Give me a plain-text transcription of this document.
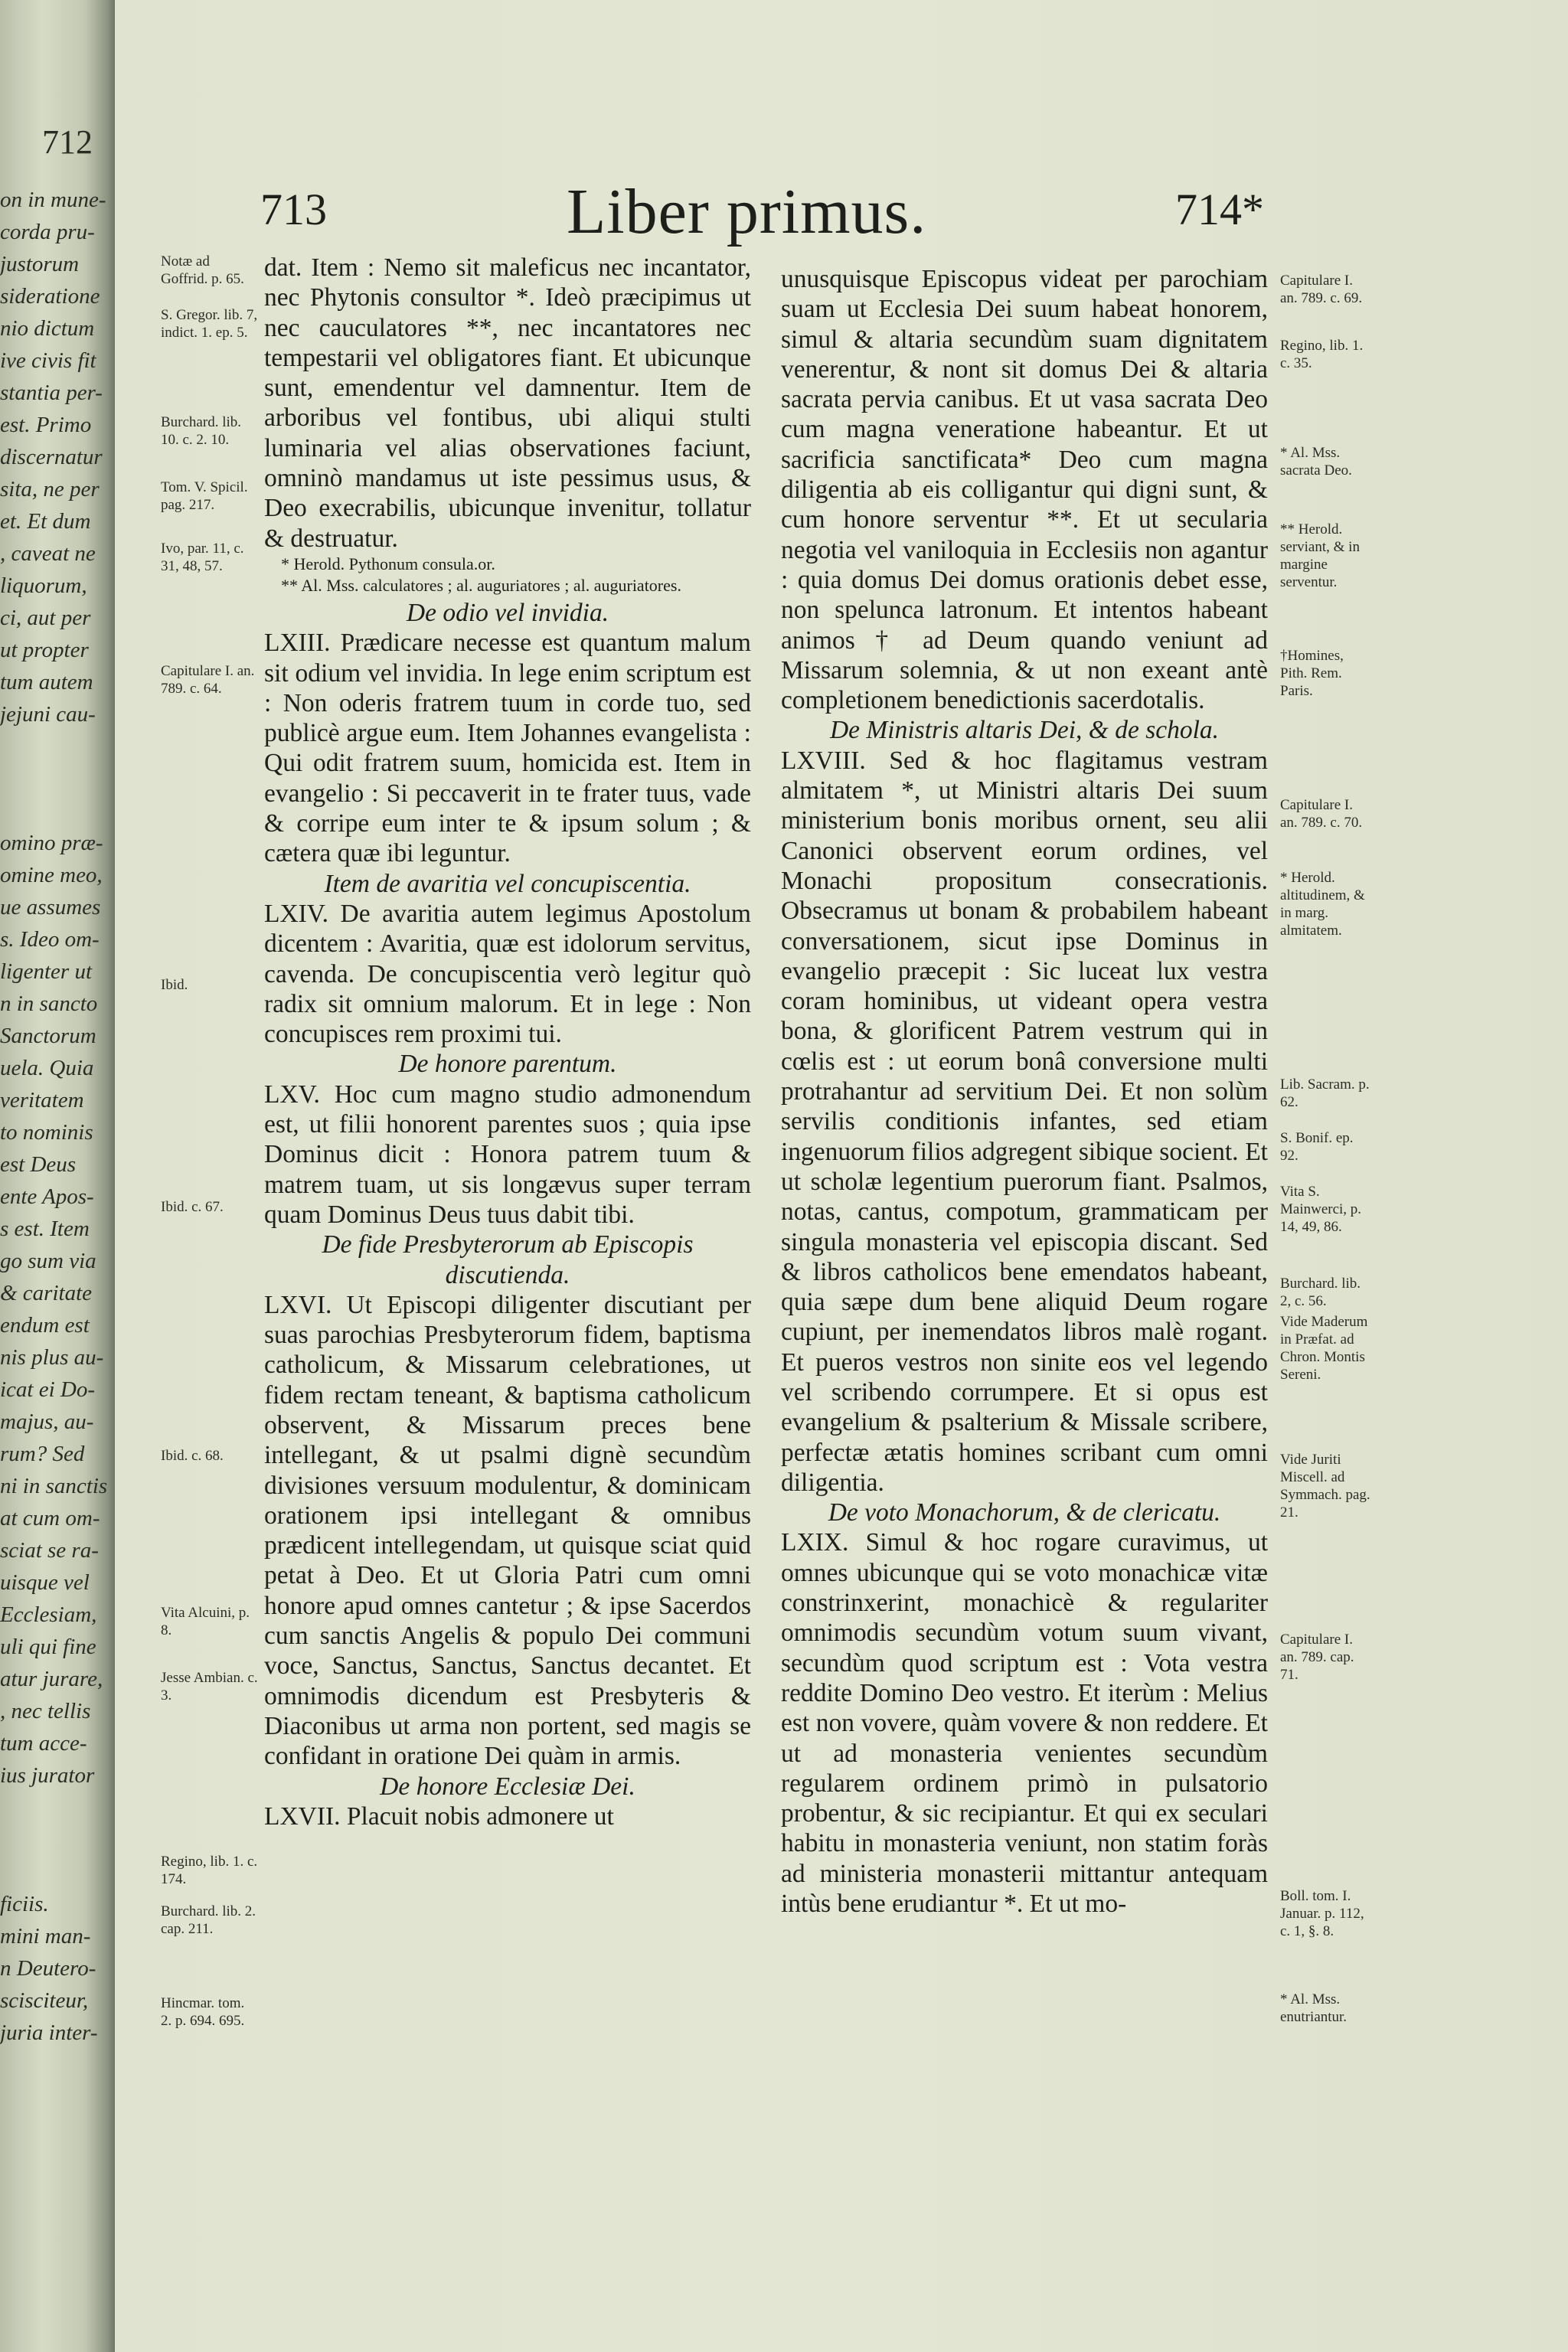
712
on in mune-
corda pru-
justorum
sideratione
nio dictum
ive civis fit
stantia per-
est. Primo
discernatur
sita, ne per
et. Et dum
, caveat ne
liquorum,
ci, aut per
ut propter
tum autem
jejuni cau-
omino præ-
omine meo,
ue assumes
s. Ideo om-
ligenter ut
n in sancto
Sanctorum
uela. Quia
veritatem
to nominis
est Deus
ente Apos-
s est. Item
go sum via
& caritate
endum est
nis plus au-
icat ei Do-
majus, au-
rum? Sed
ni in sanctis
at cum om-
sciat se ra-
uisque vel
Ecclesiam,
uli qui fine
atur jurare,
, nec tellis
tum acce-
ius jurator
ficiis.
mini man-
n Deutero-
scisciteur,
juria inter-
713	Liber primus.	714*
Notæ ad Goffrid. p. 65.
S. Gregor. lib. 7, indict. 1. ep. 5.
Burchard. lib. 10. c. 2. 10.
Tom. V. Spicil. pag. 217.
Ivo, par. 11, c. 31, 48, 57.
Capitulare I. an. 789. c. 64.
Ibid.
Ibid. c. 67.
Ibid. c. 68.
Vita Alcuini, p. 8.
Jesse Ambian. c. 3.
Regino, lib. 1. c. 174.
Burchard. lib. 2. cap. 211.
Hincmar. tom. 2. p. 694. 695.
Capitulare I. an. 789. c. 69.
Regino, lib. 1. c. 35.
* Al. Mss. sacrata Deo.
** Herold. serviant, & in margine serventur.
†Homines, Pith. Rem. Paris.
Capitulare I. an. 789. c. 70.
* Herold. altitudinem, & in marg. almitatem.
Lib. Sacram. p. 62.
S. Bonif. ep. 92.
Vita S. Mainwerci, p. 14, 49, 86.
Burchard. lib. 2, c. 56.
Vide Maderum in Præfat. ad Chron. Montis Sereni.
Vide Juriti Miscell. ad Symmach. pag. 21.
Capitulare I. an. 789. cap. 71.
Boll. tom. I. Januar. p. 112, c. 1, §. 8.
* Al. Mss. enutriantur.

dat. Item : Nemo sit maleficus nec incantator, nec Phytonis consultor *. Ideò præcipimus ut nec cauculatores **, nec incantatores nec tempestarii vel obligatores fiant. Et ubicunque sunt, emendentur vel damnentur. Item de arboribus vel fontibus, ubi aliqui stulti luminaria vel alias observationes faciunt, omninò mandamus ut iste pessimus usus, & Deo execrabilis, ubicunque invenitur, tollatur & destruatur.

* Herold. Pythonum consula.or.

** Al. Mss. calculatores ; al. auguriatores ; al. auguriatores.

De odio vel invidia.

LXIII. Prædicare necesse est quantum malum sit odium vel invidia. In lege enim scriptum est : Non oderis fratrem tuum in corde tuo, sed publicè argue eum. Item Johannes evangelista : Qui odit fratrem suum, homicida est. Item in evangelio : Si peccaverit in te frater tuus, vade & corripe eum inter te & ipsum solum ; & cætera quæ ibi leguntur.

Item de avaritia vel concupiscentia.

LXIV. De avaritia autem legimus Apostolum dicentem : Avaritia, quæ est idolorum servitus, cavenda. De concupiscentia verò legitur quò radix sit omnium malorum. Et in lege : Non concupisces rem proximi tui.

De honore parentum.

LXV. Hoc cum magno studio admonendum est, ut filii honorent parentes suos ; quia ipse Dominus dicit : Honora patrem tuum & matrem tuam, ut sis longævus super terram quam Dominus Deus tuus dabit tibi.

De fide Presbyterorum ab Episcopis

discutienda.

LXVI. Ut Episcopi diligenter discutiant per suas parochias Presbyterorum fidem, baptisma catholicum, & Missarum celebrationes, ut fidem rectam teneant, & baptisma catholicum observent, & Missarum preces bene intellegant, & ut psalmi dignè secundùm divisiones versuum modulentur, & dominicam orationem ipsi intellegant & omnibus prædicent intellegendam, ut quisque sciat quid petat à Deo. Et ut Gloria Patri cum omni honore apud omnes cantetur ; & ipse Sacerdos cum sanctis Angelis & populo Dei communi voce, Sanctus, Sanctus, Sanctus decantet. Et omnimodis dicendum est Presbyteris & Diaconibus ut arma non portent, sed magis se confidant in oratione Dei quàm in armis.

De honore Ecclesiæ Dei.

LXVII. Placuit nobis admonere ut

unusquisque Episcopus videat per parochiam suam ut Ecclesia Dei suum habeat honorem, simul & altaria secundùm suam dignitatem venerentur, & nont sit domus Dei & altaria sacrata pervia canibus. Et ut vasa sacrata Deo cum magna veneratione habeantur. Et ut sacrificia sanctificata* Deo cum magna diligentia ab eis colligantur qui digni sunt, & cum honore serventur **. Et ut secularia negotia vel vaniloquia in Ecclesiis non agantur : quia domus Dei domus orationis debet esse, non spelunca latronum. Et intentos habeant animos † ad Deum quando veniunt ad Missarum solemnia, & ut non exeant antè completionem benedictionis sacerdotalis.

De Ministris altaris Dei, & de schola.

LXVIII. Sed & hoc flagitamus vestram almitatem *, ut Ministri altaris Dei suum ministerium bonis moribus ornent, seu alii Canonici observent eorum ordines, vel Monachi propositum consecrationis. Obsecramus ut bonam & probabilem habeant conversationem, sicut ipse Dominus in evangelio præcepit : Sic luceat lux vestra coram hominibus, ut videant opera vestra bona, & glorificent Patrem vestrum qui in cœlis est : ut eorum bonâ conversione multi protrahantur ad servitium Dei. Et non solùm servilis conditionis infantes, sed etiam ingenuorum filios adgregent sibique socient. Et ut scholæ legentium puerorum fiant. Psalmos, notas, cantus, compotum, grammaticam per singula monasteria vel episcopia discant. Sed & libros catholicos bene emendatos habeant, quia sæpe dum bene aliquid Deum rogare cupiunt, per inemendatos libros malè rogant. Et pueros vestros non sinite eos vel legendo vel scribendo corrumpere. Et si opus est evangelium & psalterium & Missale scribere, perfectæ ætatis homines scribant cum omni diligentia.

De voto Monachorum, & de clericatu.

LXIX. Simul & hoc rogare curavimus, ut omnes ubicunque qui se voto monachicæ vitæ constrinxerint, monachicè & regulariter omnimodis secundùm votum suum vivant, secundùm quod scriptum est : Vota vestra reddite Domino Deo vestro. Et iterùm : Melius est non vovere, quàm vovere & non reddere. Et ut ad monasteria venientes secundùm regularem ordinem primò in pulsatorio probentur, & sic recipiantur. Et qui ex seculari habitu in monasteria veniunt, non statim foràs ad ministeria monasterii mittantur antequam intùs bene erudiantur *. Et ut mo-
